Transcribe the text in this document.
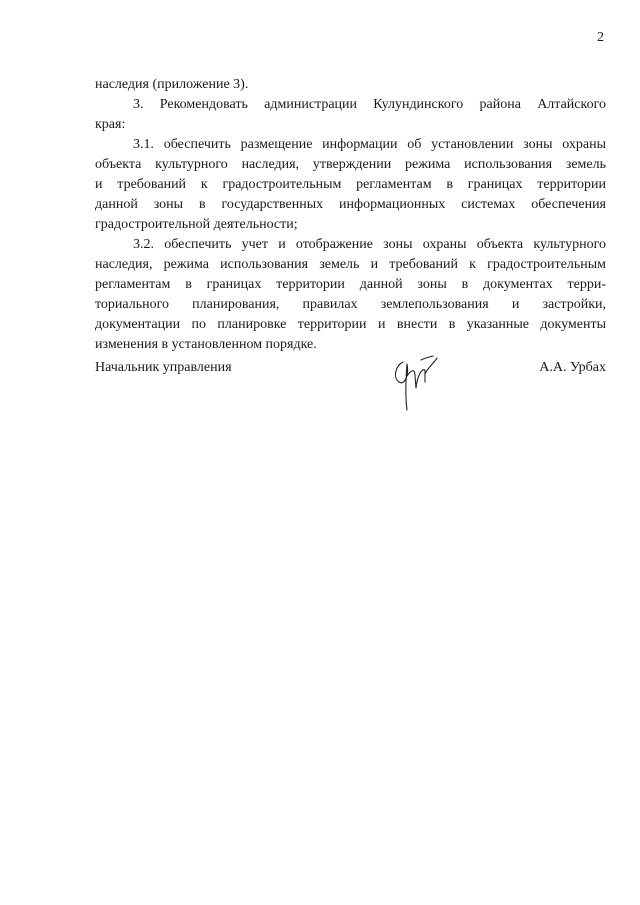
2
наследия (приложение 3).
3. Рекомендовать администрации Кулундинского района Алтайского
края:
3.1. обеспечить размещение информации об установлении зоны охраны
объекта культурного наследия, утверждении режима использования земель
и требований к градостроительным регламентам в границах территории
данной зоны в государственных информационных системах обеспечения
градостроительной деятельности;
3.2. обеспечить учет и отображение зоны охраны объекта культурного
наследия, режима использования земель и требований к градостроительным
регламентам в границах территории данной зоны в документах терри-
ториального планирования, правилах землепользования и застройки,
документации по планировке территории и внести в указанные документы
изменения в установленном порядке.
Начальник управления	А.А. Урбах
